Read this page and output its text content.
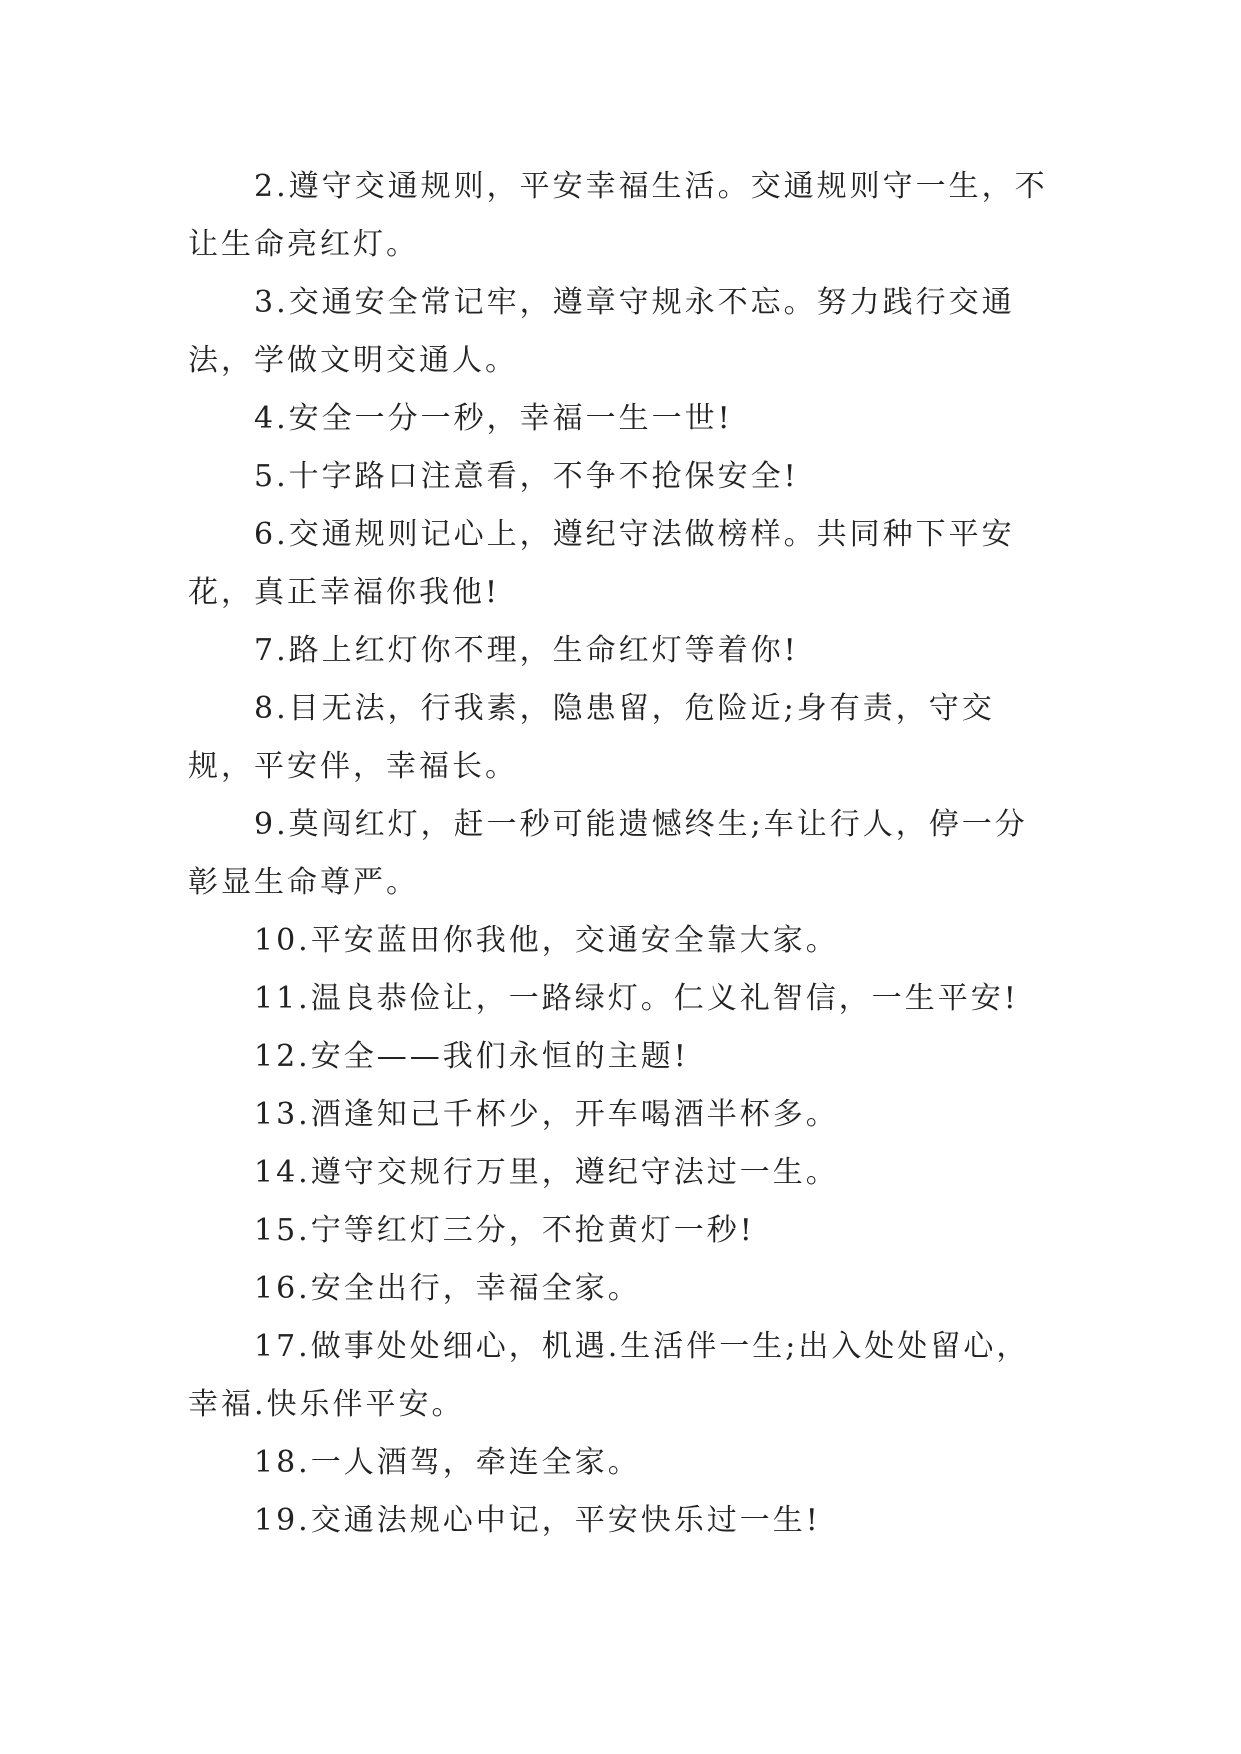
2.遵守交通规则，平安幸福生活。交通规则守一生，不让生命亮红灯。

3.交通安全常记牢，遵章守规永不忘。努力践行交通法，学做文明交通人。

4.安全一分一秒，幸福一生一世!

5.十字路口注意看，不争不抢保安全!

6.交通规则记心上，遵纪守法做榜样。共同种下平安花，真正幸福你我他!

7.路上红灯你不理，生命红灯等着你!

8.目无法，行我素，隐患留，危险近;身有责，守交规，平安伴，幸福长。

9.莫闯红灯，赶一秒可能遗憾终生;车让行人，停一分彰显生命尊严。

10.平安蓝田你我他，交通安全靠大家。

11.温良恭俭让，一路绿灯。仁义礼智信，一生平安!

12.安全——我们永恒的主题!

13.酒逢知己千杯少，开车喝酒半杯多。

14.遵守交规行万里，遵纪守法过一生。

15.宁等红灯三分，不抢黄灯一秒!

16.安全出行，幸福全家。

17.做事处处细心，机遇.生活伴一生;出入处处留心，幸福.快乐伴平安。

18.一人酒驾，牵连全家。

19.交通法规心中记，平安快乐过一生!
